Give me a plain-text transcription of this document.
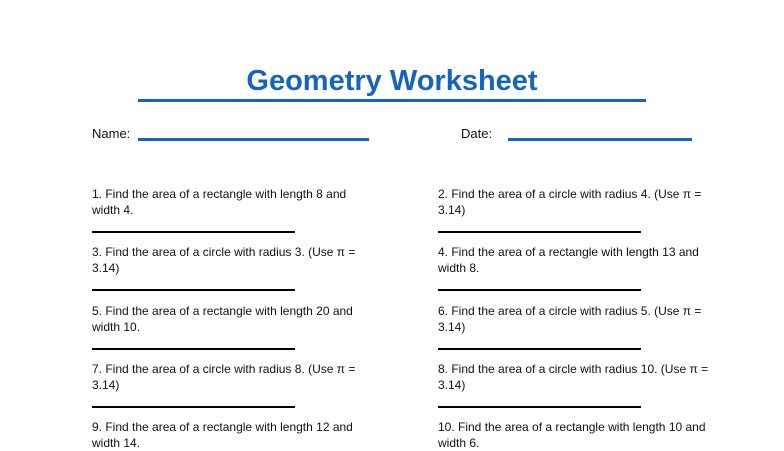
Geometry Worksheet
Name:	Date:
1. Find the area of a rectangle with length 8 and width 4.
2. Find the area of a circle with radius 4. (Use π = 3.14)
3. Find the area of a circle with radius 3. (Use π = 3.14)
4. Find the area of a rectangle with length 13 and width 8.
5. Find the area of a rectangle with length 20 and width 10.
6. Find the area of a circle with radius 5. (Use π = 3.14)
7. Find the area of a circle with radius 8. (Use π = 3.14)
8. Find the area of a circle with radius 10. (Use π = 3.14)
9. Find the area of a rectangle with length 12 and width 14.
10. Find the area of a rectangle with length 10 and width 6.
